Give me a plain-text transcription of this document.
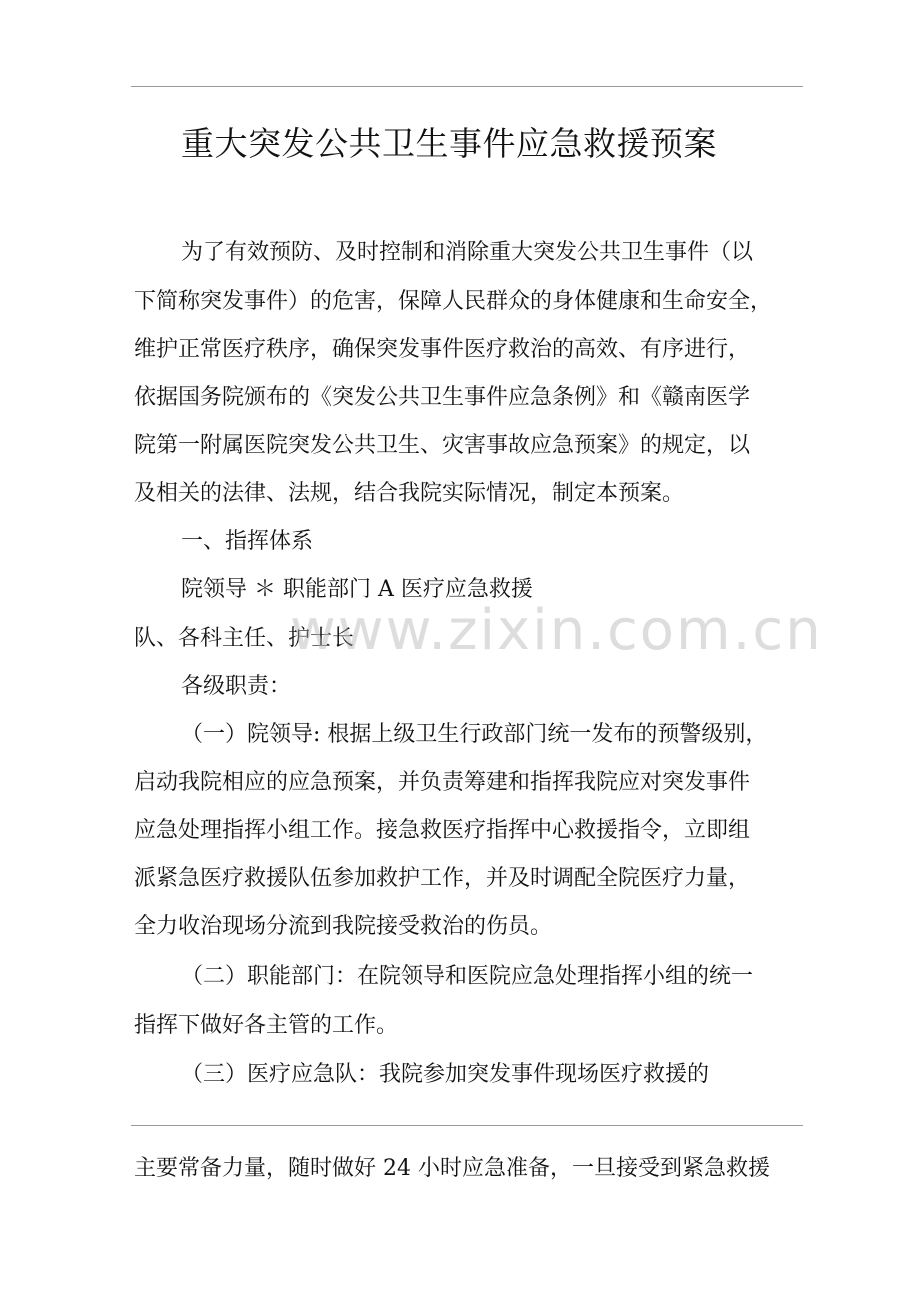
重大突发公共卫生事件应急救援预案
为了有效预防、及时控制和消除重大突发公共卫生事件（以
下简称突发事件）的危害，保障人民群众的身体健康和生命安全，
维护正常医疗秩序，确保突发事件医疗救治的高效、有序进行，
依据国务院颁布的《突发公共卫生事件应急条例》和《赣南医学
院第一附属医院突发公共卫生、灾害事故应急预案》的规定，以
及相关的法律、法规，结合我院实际情况，制定本预案。
一、指挥体系
院领导 ＊ 职能部门 A 医疗应急救援
队、各科主任、护士长
各级职责：
（一）院领导: 根据上级卫生行政部门统一发布的预警级别，
启动我院相应的应急预案，并负责筹建和指挥我院应对突发事件
应急处理指挥小组工作。接急救医疗指挥中心救援指令，立即组
派紧急医疗救援队伍参加救护工作，并及时调配全院医疗力量，
全力收治现场分流到我院接受救治的伤员。
（二）职能部门：在院领导和医院应急处理指挥小组的统一
指挥下做好各主管的工作。
（三）医疗应急队：我院参加突发事件现场医疗救援的
主要常备力量，随时做好 24 小时应急准备，一旦接受到紧急救援
www.zixin.com.cn
